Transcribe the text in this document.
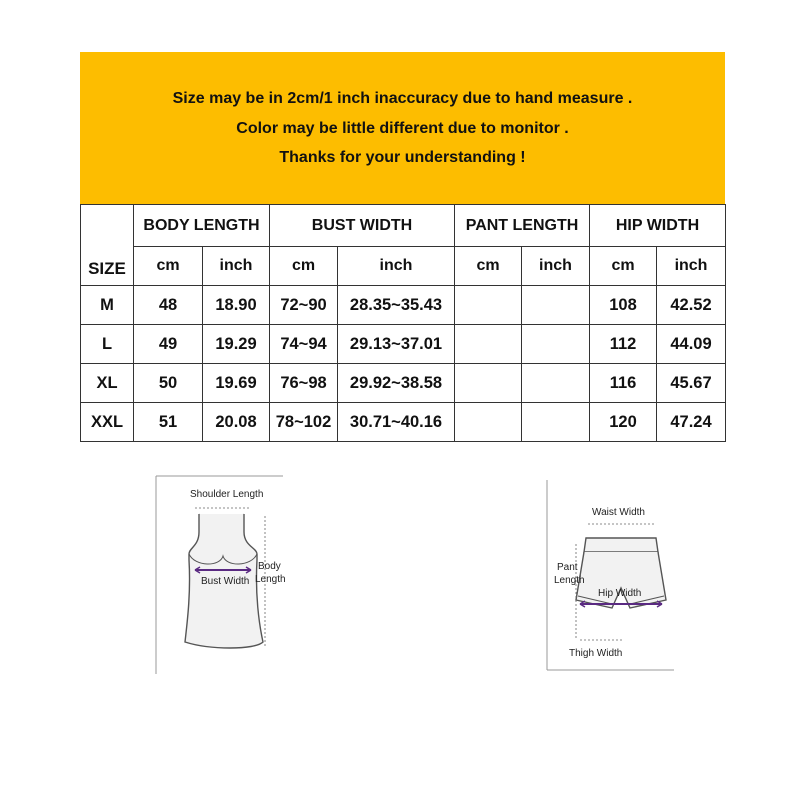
Size may be in 2cm/1 inch inaccuracy due to hand measure .
Color may be little different due to monitor .
Thanks for your understanding !
SIZE	BODY LENGTH		BUST WIDTH		PANT LENGTH		HIP WIDTH	
	cm	inch	cm	inch	cm	inch	cm	inch
M	48	18.90	72~90	28.35~35.43			108	42.52
L	49	19.29	74~94	29.13~37.01			112	44.09
XL	50	19.69	76~98	29.92~38.58			116	45.67
XXL	51	20.08	78~102	30.71~40.16			120	47.24
Shoulder Length
Bust Width
Body
Length
Waist Width
Hip Width
Pant
Length
Thigh Width
